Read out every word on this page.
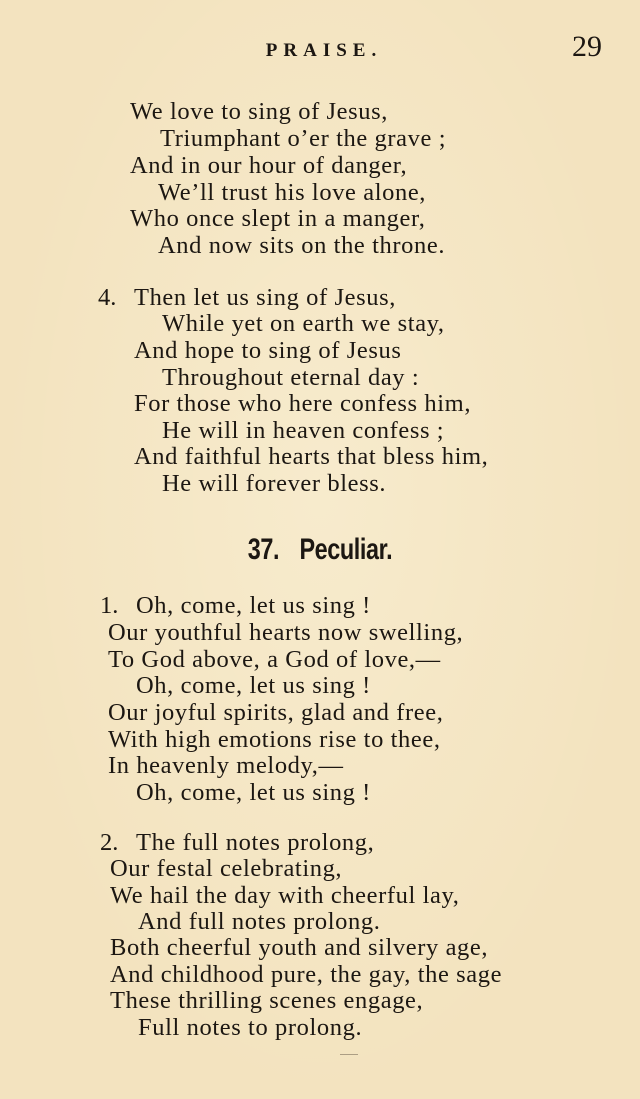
PRAISE.	29
We love to sing of Jesus,
Triumphant o’er the grave ;
And in our hour of danger,
We’ll trust his love alone,
Who once slept in a manger,
And now sits on the throne.
4. Then let us sing of Jesus,
While yet on earth we stay,
And hope to sing of Jesus
Throughout eternal day :
For those who here confess him,
He will in heaven confess ;
And faithful hearts that bless him,
He will forever bless.
37. Peculiar.
1. Oh, come, let us sing !
Our youthful hearts now swelling,
To God above, a God of love,—
Oh, come, let us sing !
Our joyful spirits, glad and free,
With high emotions rise to thee,
In heavenly melody,—
Oh, come, let us sing !
2. The full notes prolong,
Our festal celebrating,
We hail the day with cheerful lay,
And full notes prolong.
Both cheerful youth and silvery age,
And childhood pure, the gay, the sage
These thrilling scenes engage,
Full notes to prolong.
